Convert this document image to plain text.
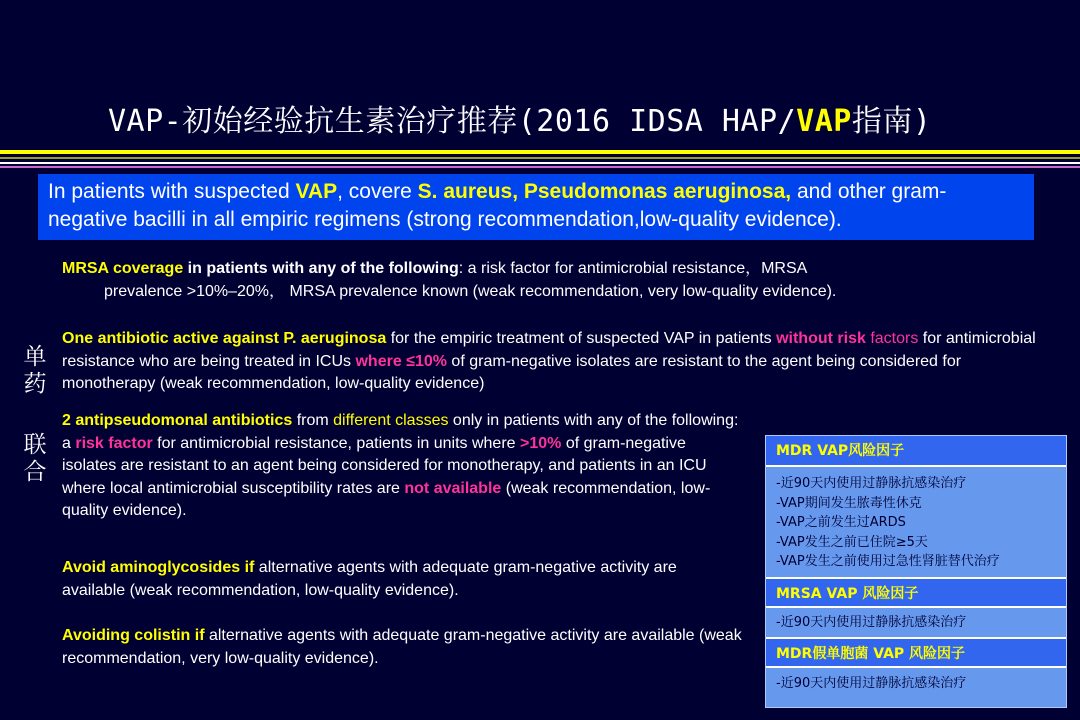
VAP-初始经验抗生素治疗推荐(2016 IDSA HAP/VAP指南)
In patients with suspected VAP, covere S. aureus, Pseudomonas aeruginosa, and other gram-negative bacilli in all empiric regimens (strong recommendation,low-quality evidence).
MRSA coverage in patients with any of the following: a risk factor for antimicrobial resistance，MRSA
prevalence >10%–20%， MRSA prevalence known (weak recommendation, very low-quality evidence).
单
药
One antibiotic active against P. aeruginosa for the empiric treatment of suspected VAP in patients without risk factors for antimicrobial resistance who are being treated in ICUs where ≤10% of gram-negative isolates are resistant to the agent being considered for monotherapy (weak recommendation, low-quality evidence)
联
合
2 antipseudomonal antibiotics from different classes only in patients with any of the following: a risk factor for antimicrobial resistance, patients in units where >10% of gram-negative isolates are resistant to an agent being considered for monotherapy, and patients in an ICU where local antimicrobial susceptibility rates are not available (weak recommendation, low-quality evidence).
Avoid aminoglycosides if alternative agents with adequate gram-negative activity are available (weak recommendation, low-quality evidence).
Avoiding colistin if alternative agents with adequate gram-negative activity are available (weak recommendation, very low-quality evidence).
MDR VAP风险因子
-近90天内使用过静脉抗感染治疗
-VAP期间发生脓毒性休克
-VAP之前发生过ARDS
-VAP发生之前已住院≥5天
-VAP发生之前使用过急性肾脏替代治疗
MRSA VAP 风险因子
-近90天内使用过静脉抗感染治疗
MDR假单胞菌 VAP 风险因子
-近90天内使用过静脉抗感染治疗
